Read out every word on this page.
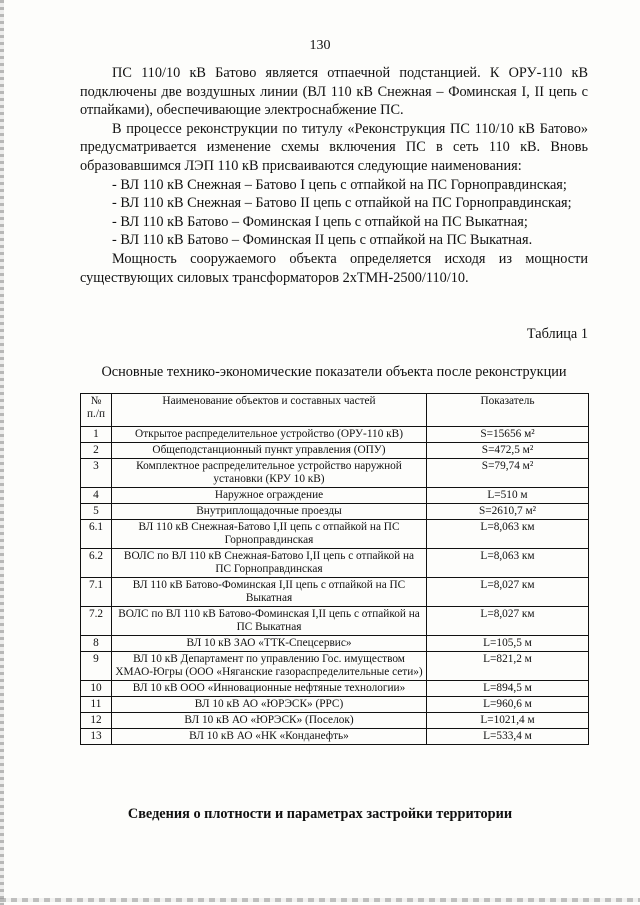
130

ПС 110/10 кВ Батово является отпаечной подстанцией. К ОРУ-110 кВ подключены две воздушных линии (ВЛ 110 кВ Снежная – Фоминская I, II цепь с отпайками), обеспечивающие электроснабжение ПС.

В процессе реконструкции по титулу «Реконструкция ПС 110/10 кВ Батово» предусматривается изменение схемы включения ПС в сеть 110 кВ. Вновь образовавшимся ЛЭП 110 кВ присваиваются следующие наименования:

- ВЛ 110 кВ Снежная – Батово I цепь с отпайкой на ПС Горноправдинская;

- ВЛ 110 кВ Снежная – Батово II цепь с отпайкой на ПС Горноправдинская;

- ВЛ 110 кВ Батово – Фоминская I цепь с отпайкой на ПС Выкатная;

- ВЛ 110 кВ Батово – Фоминская II цепь с отпайкой на ПС Выкатная.

Мощность сооружаемого объекта определяется исходя из мощности существующих силовых трансформаторов 2хТМН-2500/110/10.

Таблица 1
Основные технико-экономические показатели объекта после реконструкции
№ п./п	Наименование объектов и составных частей	Показатель
1	Открытое распределительное устройство (ОРУ-110 кВ)	S=15656 м²
2	Общеподстанционный пункт управления (ОПУ)	S=472,5 м²
3	Комплектное распределительное устройство наружной установки (КРУ 10 кВ)	S=79,74 м²
4	Наружное ограждение	L=510 м
5	Внутриплощадочные проезды	S=2610,7 м²
6.1	ВЛ 110 кВ Снежная-Батово I,II цепь с отпайкой на ПС Горноправдинская	L=8,063 км
6.2	ВОЛС по ВЛ 110 кВ Снежная-Батово I,II цепь с отпайкой на ПС Горноправдинская	L=8,063 км
7.1	ВЛ 110 кВ Батово-Фоминская I,II цепь с отпайкой на ПС Выкатная	L=8,027 км
7.2	ВОЛС по ВЛ 110 кВ Батово-Фоминская I,II цепь с отпайкой на ПС Выкатная	L=8,027 км
8	ВЛ 10 кВ ЗАО «ТТК-Спецсервис»	L=105,5 м
9	ВЛ 10 кВ Департамент по управлению Гос. имуществом ХМАО-Югры (ООО «Няганские газораспределительные сети»)	L=821,2 м
10	ВЛ 10 кВ ООО «Инновационные нефтяные технологии»	L=894,5 м
11	ВЛ 10 кВ АО «ЮРЭСК» (РРС)	L=960,6 м
12	ВЛ 10 кВ АО «ЮРЭСК» (Поселок)	L=1021,4 м
13	ВЛ 10 кВ АО «НК «Конданефть»	L=533,4 м
Сведения о плотности и параметрах застройки территории
